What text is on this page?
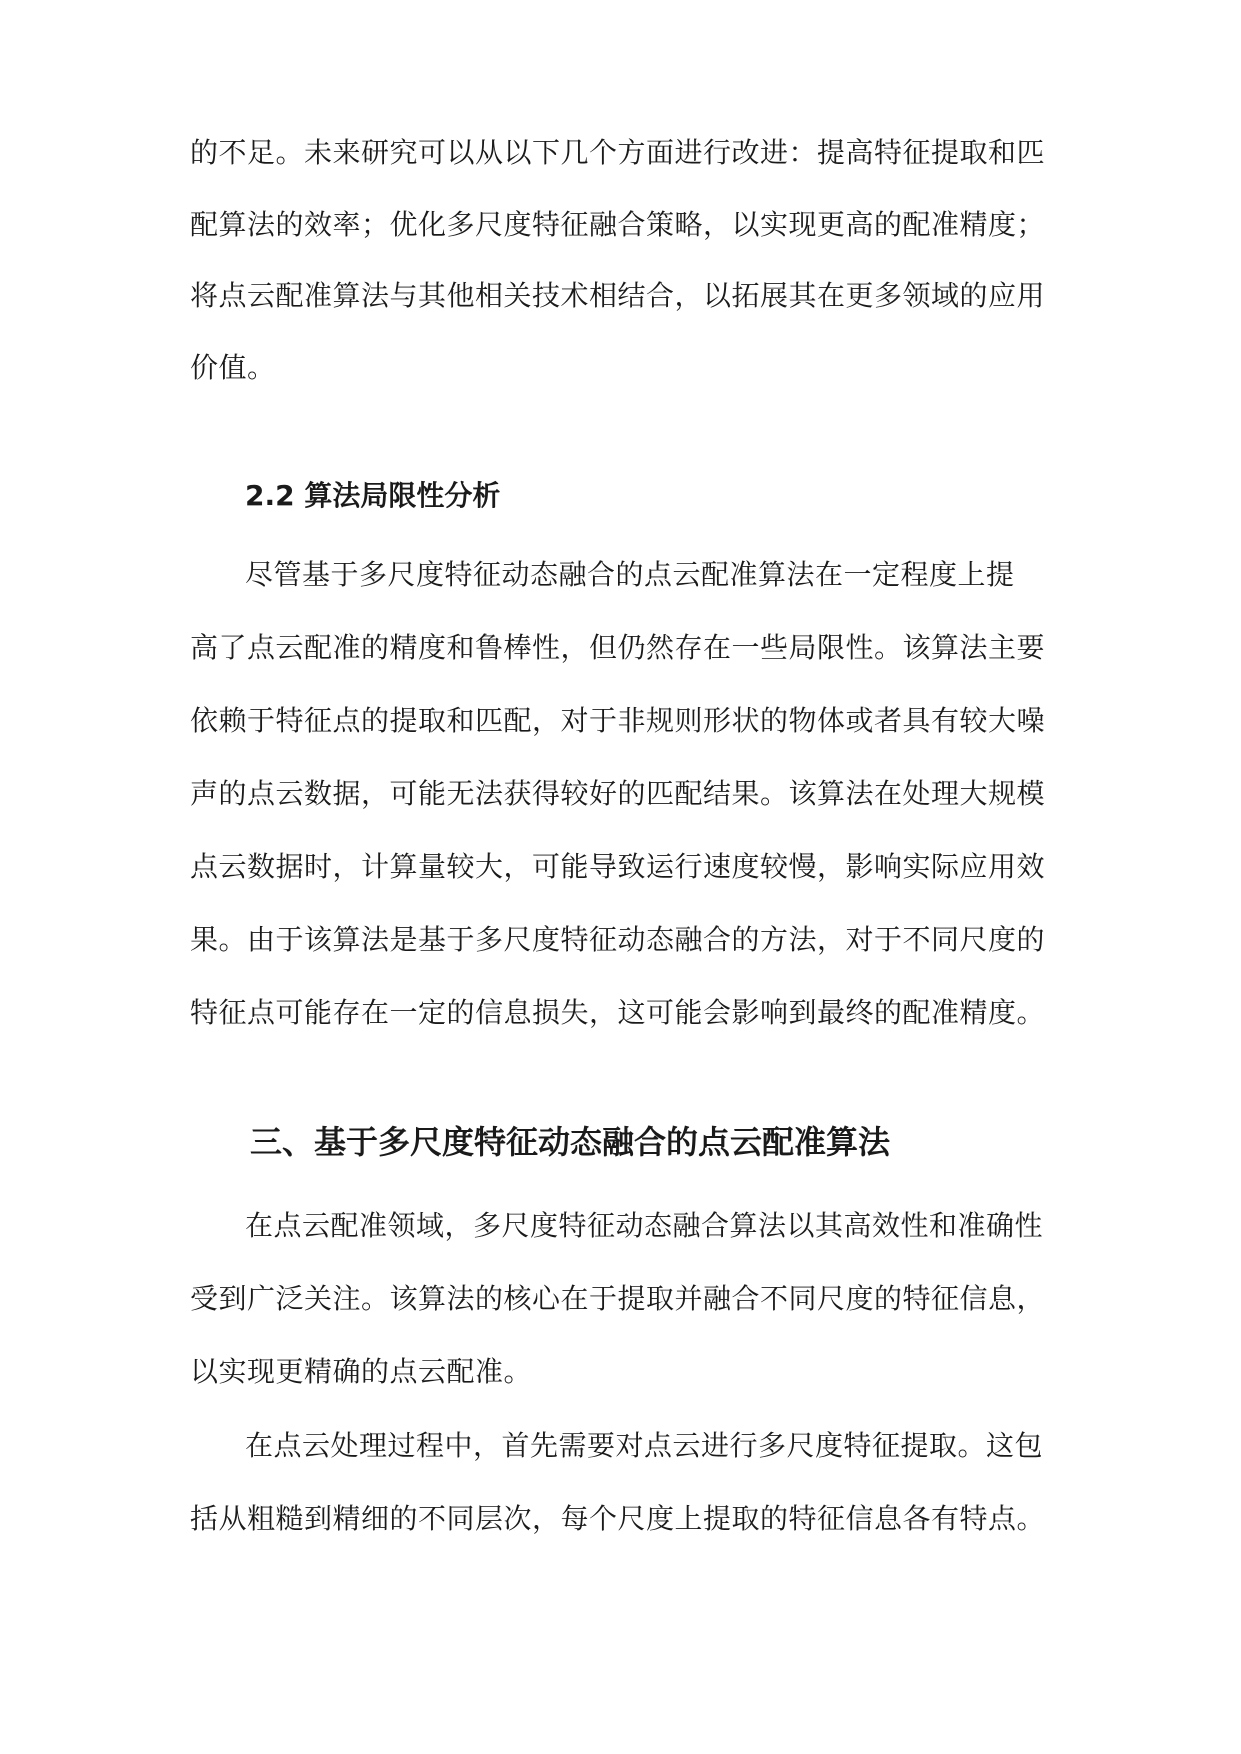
的不足。未来研究可以从以下几个方面进行改进：提高特征提取和匹
配算法的效率；优化多尺度特征融合策略，以实现更高的配准精度；
将点云配准算法与其他相关技术相结合，以拓展其在更多领域的应用
价值。
2.2 算法局限性分析
尽管基于多尺度特征动态融合的点云配准算法在一定程度上提
高了点云配准的精度和鲁棒性，但仍然存在一些局限性。该算法主要
依赖于特征点的提取和匹配，对于非规则形状的物体或者具有较大噪
声的点云数据，可能无法获得较好的匹配结果。该算法在处理大规模
点云数据时，计算量较大，可能导致运行速度较慢，影响实际应用效
果。由于该算法是基于多尺度特征动态融合的方法，对于不同尺度的
特征点可能存在一定的信息损失，这可能会影响到最终的配准精度。
三、基于多尺度特征动态融合的点云配准算法
在点云配准领域，多尺度特征动态融合算法以其高效性和准确性
受到广泛关注。该算法的核心在于提取并融合不同尺度的特征信息，
以实现更精确的点云配准。
在点云处理过程中，首先需要对点云进行多尺度特征提取。这包
括从粗糙到精细的不同层次，每个尺度上提取的特征信息各有特点。
